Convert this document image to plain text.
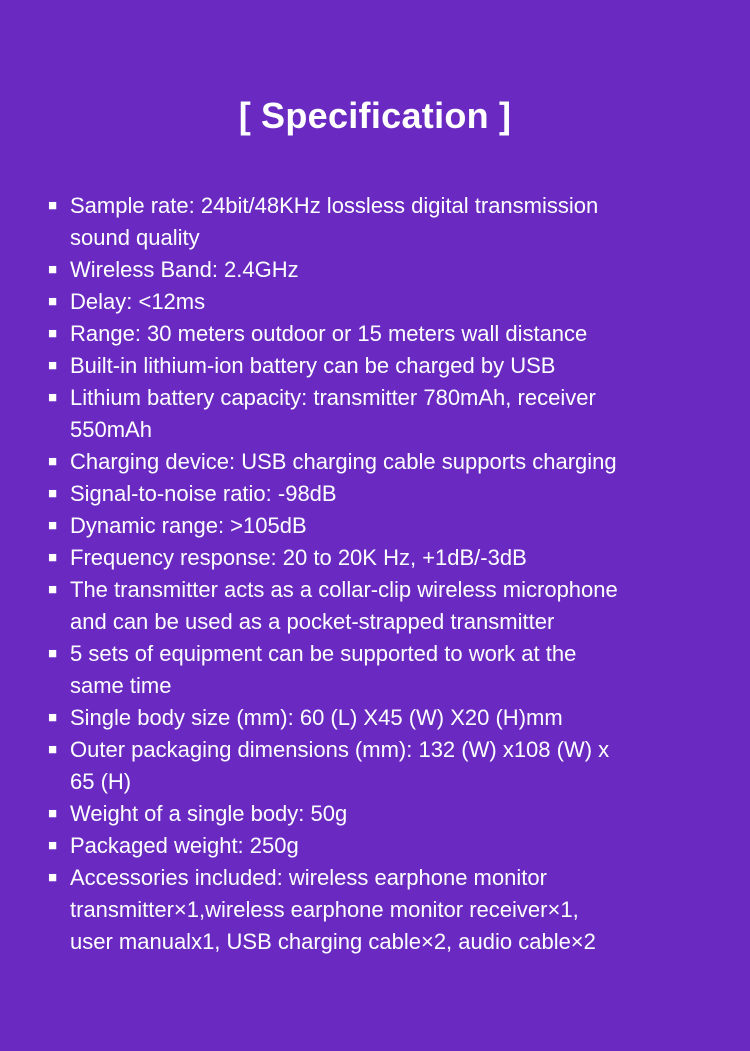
[ Specification ]
■ Sample rate: 24bit/48KHz lossless digital transmission
sound quality
■ Wireless Band: 2.4GHz
■ Delay: <12ms
■ Range: 30 meters outdoor or 15 meters wall distance
■ Built-in lithium-ion battery can be charged by USB
■ Lithium battery capacity: transmitter 780mAh, receiver
550mAh
■ Charging device: USB charging cable supports charging
■ Signal-to-noise ratio: -98dB
■ Dynamic range: >105dB
■ Frequency response: 20 to 20K Hz, +1dB/-3dB
■ The transmitter acts as a collar-clip wireless microphone
and can be used as a pocket-strapped transmitter
■ 5 sets of equipment can be supported to work at the
same time
■ Single body size (mm): 60 (L) X45 (W) X20 (H)mm
■ Outer packaging dimensions (mm): 132 (W) x108 (W) x
65 (H)
■ Weight of a single body: 50g
■ Packaged weight: 250g
■ Accessories included: wireless earphone monitor
transmitter×1,wireless earphone monitor receiver×1,
user manualx1, USB charging cable×2, audio cable×2
